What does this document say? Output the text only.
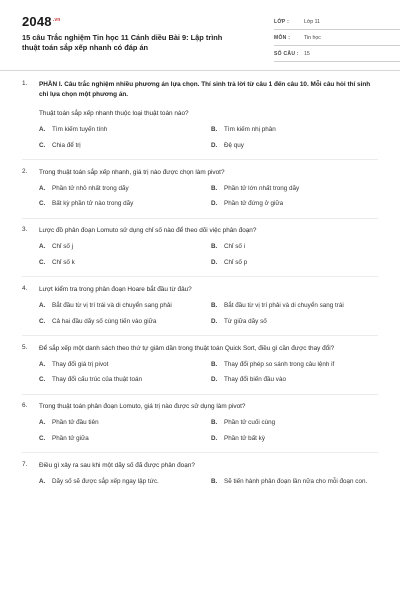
$2048^{.vn}$
15 câu Trắc nghiệm Tin học 11 Cánh diều Bài 9: Lập trình thuật toán sắp xếp nhanh có đáp án
LỚP :	Lớp 11
MÔN :	Tin học
SỐ CÂU : 15
1. PHẦN I. Câu trắc nghiệm nhiều phương án lựa chọn. Thí sinh trả lời từ câu 1 đến câu 10. Mỗi câu hỏi thí sinh chỉ lựa chọn một phương án.
Thuật toán sắp xếp nhanh thuộc loại thuật toán nào?
A.	Tìm kiếm tuyến tính	B.	Tìm kiếm nhị phân
C.	Chia để trị	D.	Đệ quy
2. Trong thuật toán sắp xếp nhanh, giá trị nào được chọn làm pivot?
A.	Phần tử nhỏ nhất trong dãy	B.	Phần tử lớn nhất trong dãy
C.	Bất kỳ phần tử nào trong dãy	D.	Phần tử đứng ở giữa
3. Lược đồ phân đoạn Lomuto sử dụng chỉ số nào để theo dõi việc phân đoạn?
A.	Chỉ số j	B.	Chỉ số i
C.	Chỉ số k	D.	Chỉ số p
4. Lượt kiểm tra trong phân đoạn Hoare bắt đầu từ đâu?
A.	Bắt đầu từ vị trí trái và di chuyển sang phải	B.	Bắt đầu từ vị trí phải và di chuyển sang trái
C.	Cả hai đầu dãy số cùng tiến vào giữa	D.	Từ giữa dãy số
5. Để sắp xếp một danh sách theo thứ tự giảm dần trong thuật toán Quick Sort, điều gì cần được thay đổi?
A.	Thay đổi giá trị pivot	B.	Thay đổi phép so sánh trong câu lệnh if
C.	Thay đổi cấu trúc của thuật toán	D.	Thay đổi biến đầu vào
6. Trong thuật toán phân đoạn Lomuto, giá trị nào được sử dụng làm pivot?
A.	Phần tử đầu tiên	B.	Phần tử cuối cùng
C.	Phần tử giữa	D.	Phần tử bất kỳ
7. Điều gì xảy ra sau khi một dãy số đã được phân đoạn?
A.	Dãy số sẽ được sắp xếp ngay lập tức.	B.	Sẽ tiến hành phân đoạn lần nữa cho mỗi đoạn con.
